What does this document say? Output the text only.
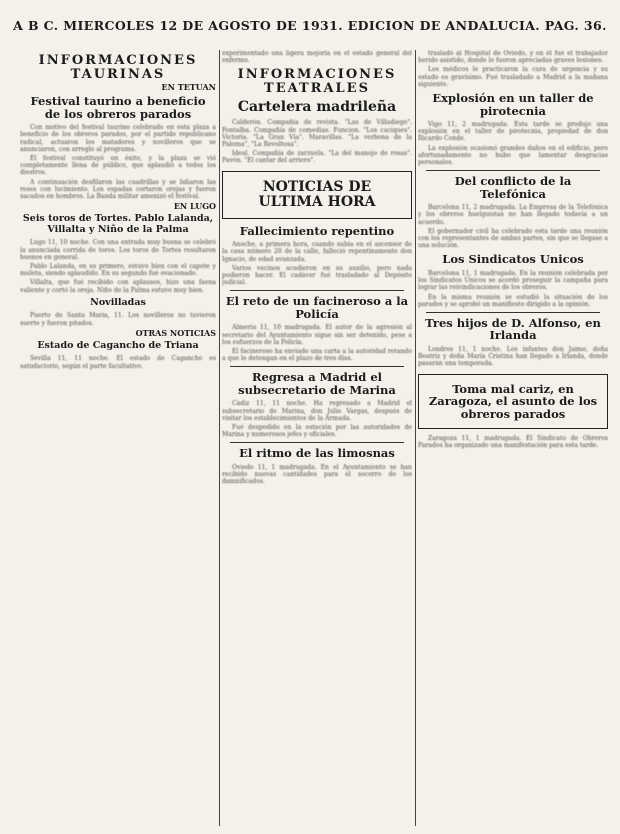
A B C. MIERCOLES 12 DE AGOSTO DE 1931. EDICION DE ANDALUCIA. PAG. 36.
INFORMACIONES TAURINAS
EN TETUAN
Festival taurino a beneficio de los obreros parados

Con motivo del festival taurino celebrado en esta plaza a beneficio de los obreros parados, por el partido republicano radical, actuaron los matadores y novilleros que se anunciaron, con arreglo al programa.

El festival constituyó un éxito, y la plaza se vió completamente llena de público, que aplaudió a todos los diestros.

A continuación desfilaron las cuadrillas y se lidiaron las reses con lucimiento. Los espadas cortaron orejas y fueron sacados en hombros. La Banda militar amenizó el festival.

EN LUGO
Seis toros de Tortes. Pablo Lalanda, Villalta y Niño de la Palma

Lugo 11, 10 noche. Con una entrada muy buena se celebró la anunciada corrida de toros. Los toros de Tortes resultaron buenos en general.

Pablo Lalanda, en su primero, estuvo bien con el capote y muleta, siendo aplaudido. En su segundo fué ovacionado.

Villalta, que fué recibido con aplausos, hizo una faena valiente y cortó la oreja. Niño de la Palma estuvo muy bien.

Novilladas

Puerto de Santa María, 11. Los novilleros no tuvieron suerte y fueron pitados.

OTRAS NOTICIAS
Estado de Cagancho de Triana

Sevilla 11, 11 noche. El estado de Cagancho es satisfactorio, según el parte facultativo.

experimentado una ligera mejoría en el estado general del enfermo.
INFORMACIONES TEATRALES
Cartelera madrileña

Calderón. Compañía de revista. "Las de Villadiego". Fontalba. Compañía de comedias. Funcion. "Los caciques". Victoria. "La Gran Vía". Maravillas. "La verbena de la Paloma", "La Revoltosa".

Ideal. Compañía de zarzuela. "La del manojo de rosas". Pavón. "El cantar del arriero".

NOTICIAS DE ULTIMA HORA
Fallecimiento repentino

Anoche, a primera hora, cuando subía en el ascensor de la casa número 20 de la calle, falleció repentinamente don Ignacio, de edad avanzada.

Varios vecinos acudieron en su auxilio, pero nada pudieron hacer. El cadáver fué trasladado al Depósito judicial.

El reto de un facineroso a la Policía

Almería 11, 10 madrugada. El autor de la agresión al secretario del Ayuntamiento sigue sin ser detenido, pese a los esfuerzos de la Policía.

El facineroso ha enviado una carta a la autoridad retando a que le detengan en el plazo de tres días.

Regresa a Madrid el subsecretario de Marina

Cádiz 11, 11 noche. Ha regresado a Madrid el subsecretario de Marina, don Julio Vargas, después de visitar los establecimientos de la Armada.

Fué despedido en la estación por las autoridades de Marina y numerosos jefes y oficiales.

El ritmo de las limosnas

Oviedo 11, 1 madrugada. En el Ayuntamiento se han recibido nuevas cantidades para el socorro de los damnificados.

trasladó al Hospital de Oviedo, y en él fué el trabajador herido asistido, donde le fueron apreciadas graves lesiones.

Los médicos le practicaron la cura de urgencia y su estado es gravísimo. Fué trasladado a Madrid a la mañana siguiente.

Explosión en un taller de pirotecnia

Vigo 11, 2 madrugada. Esta tarde se produjo una explosión en el taller de pirotecnia, propiedad de don Ricardo Conde.

La explosión ocasionó grandes daños en el edificio, pero afortunadamente no hubo que lamentar desgracias personales.

Del conflicto de la Telefónica

Barcelona 11, 2 madrugada. La Empresa de la Telefónica y los obreros huelguistas no han llegado todavía a un acuerdo.

El gobernador civil ha celebrado esta tarde una reunión con los representantes de ambas partes, sin que se llegase a una solución.

Los Sindicatos Unicos

Barcelona 11, 1 madrugada. En la reunión celebrada por los Sindicatos Unicos se acordó proseguir la campaña para lograr las reivindicaciones de los obreros.

En la misma reunión se estudió la situación de los parados y se aprobó un manifiesto dirigido a la opinión.

Tres hijos de D. Alfonso, en Irlanda

Londres 11, 1 noche. Los infantes don Jaime, doña Beatriz y doña María Cristina han llegado a Irlanda, donde pasarán una temporada.

Toma mal cariz, en Zaragoza, el asunto de los obreros parados

Zaragoza 11, 1 madrugada. El Sindicato de Obreros Parados ha organizado una manifestación para esta tarde.
